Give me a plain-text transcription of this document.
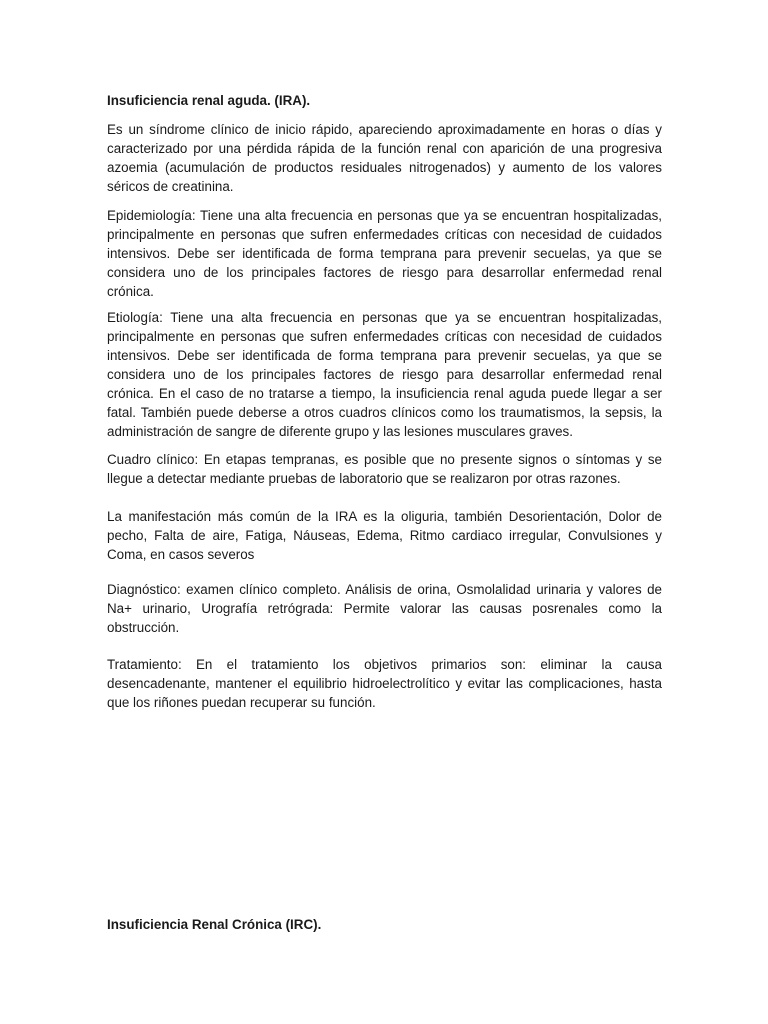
Insuficiencia renal aguda. (IRA).

Es un síndrome clínico de inicio rápido, apareciendo aproximadamente en horas o días y caracterizado por una pérdida rápida de la función renal con aparición de una progresiva azoemia (acumulación de productos residuales nitrogenados) y aumento de los valores séricos de creatinina.

Epidemiología: Tiene una alta frecuencia en personas que ya se encuentran hospitalizadas, principalmente en personas que sufren enfermedades críticas con necesidad de cuidados intensivos. Debe ser identificada de forma temprana para prevenir secuelas, ya que se considera uno de los principales factores de riesgo para desarrollar enfermedad renal crónica.

Etiología: Tiene una alta frecuencia en personas que ya se encuentran hospitalizadas, principalmente en personas que sufren enfermedades críticas con necesidad de cuidados intensivos. Debe ser identificada de forma temprana para prevenir secuelas, ya que se considera uno de los principales factores de riesgo para desarrollar enfermedad renal crónica. En el caso de no tratarse a tiempo, la insuficiencia renal aguda puede llegar a ser fatal. También puede deberse a otros cuadros clínicos como los traumatismos, la sepsis, la administración de sangre de diferente grupo y las lesiones musculares graves.

Cuadro clínico: En etapas tempranas, es posible que no presente signos o síntomas y se llegue a detectar mediante pruebas de laboratorio que se realizaron por otras razones.

La manifestación más común de la IRA es la oliguria, también Desorientación, Dolor de pecho, Falta de aire, Fatiga, Náuseas, Edema, Ritmo cardiaco irregular, Convulsiones y Coma, en casos severos

Diagnóstico: examen clínico completo. Análisis de orina, Osmolalidad urinaria y valores de Na+ urinario, Urografía retrógrada: Permite valorar las causas posrenales como la obstrucción.

Tratamiento: En el tratamiento los objetivos primarios son: eliminar la causa desencadenante, mantener el equilibrio hidroelectrolítico y evitar las complicaciones, hasta que los riñones puedan recuperar su función.

Insuficiencia Renal Crónica (IRC).
